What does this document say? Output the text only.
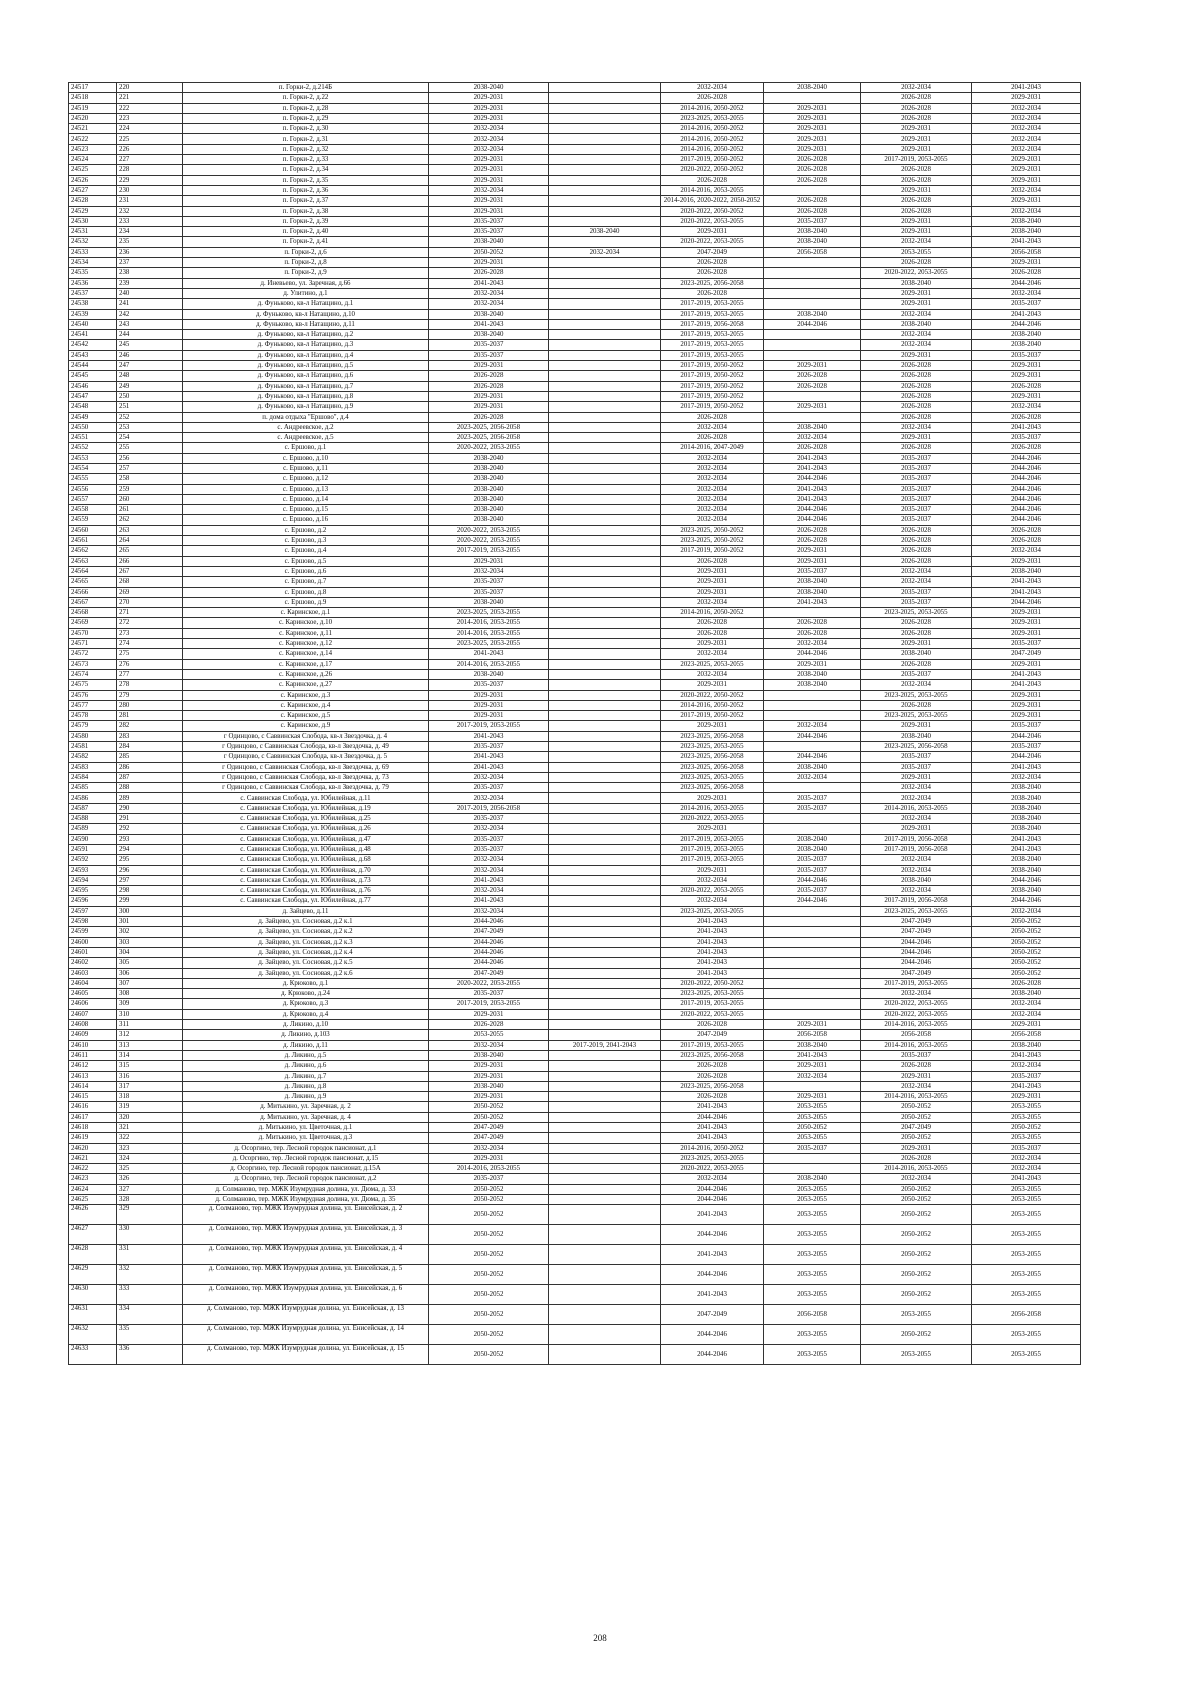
24517	220	п. Горки-2, д.214Б	2038-2040		2032-2034	2038-2040	2032-2034	2041-2043
24518	221	п. Горки-2, д.22	2029-2031		2026-2028		2026-2028	2029-2031
24519	222	п. Горки-2, д.28	2029-2031		2014-2016, 2050-2052	2029-2031	2026-2028	2032-2034
24520	223	п. Горки-2, д.29	2029-2031		2023-2025, 2053-2055	2029-2031	2026-2028	2032-2034
24521	224	п. Горки-2, д.30	2032-2034		2014-2016, 2050-2052	2029-2031	2029-2031	2032-2034
24522	225	п. Горки-2, д.31	2032-2034		2014-2016, 2050-2052	2029-2031	2029-2031	2032-2034
24523	226	п. Горки-2, д.32	2032-2034		2014-2016, 2050-2052	2029-2031	2029-2031	2032-2034
24524	227	п. Горки-2, д.33	2029-2031		2017-2019, 2050-2052	2026-2028	2017-2019, 2053-2055	2029-2031
24525	228	п. Горки-2, д.34	2029-2031		2020-2022, 2050-2052	2026-2028	2026-2028	2029-2031
24526	229	п. Горки-2, д.35	2029-2031		2026-2028	2026-2028	2026-2028	2029-2031
24527	230	п. Горки-2, д.36	2032-2034		2014-2016, 2053-2055		2029-2031	2032-2034
24528	231	п. Горки-2, д.37	2029-2031		2014-2016, 2020-2022, 2050-2052	2026-2028	2026-2028	2029-2031
24529	232	п. Горки-2, д.38	2029-2031		2020-2022, 2050-2052	2026-2028	2026-2028	2032-2034
24530	233	п. Горки-2, д.39	2035-2037		2020-2022, 2053-2055	2035-2037	2029-2031	2038-2040
24531	234	п. Горки-2, д.40	2035-2037	2038-2040	2029-2031	2038-2040	2029-2031	2038-2040
24532	235	п. Горки-2, д.41	2038-2040		2020-2022, 2053-2055	2038-2040	2032-2034	2041-2043
24533	236	п. Горки-2, д.6	2050-2052	2032-2034	2047-2049	2056-2058	2053-2055	2056-2058
24534	237	п. Горки-2, д.8	2029-2031		2026-2028		2026-2028	2029-2031
24535	238	п. Горки-2, д.9	2026-2028		2026-2028		2020-2022, 2053-2055	2026-2028
24536	239	д. Иневьево, ул. Заречная, д.66	2041-2043		2023-2025, 2056-2058		2038-2040	2044-2046
24537	240	д. Улитино, д.1	2032-2034		2026-2028		2029-2031	2032-2034
24538	241	д. Фуньково, кв-л Натащино, д.1	2032-2034		2017-2019, 2053-2055		2029-2031	2035-2037
24539	242	д. Фуньково, кв-л Натащино, д.10	2038-2040		2017-2019, 2053-2055	2038-2040	2032-2034	2041-2043
24540	243	д. Фуньково, кв-л Натащино, д.11	2041-2043		2017-2019, 2056-2058	2044-2046	2038-2040	2044-2046
24541	244	д. Фуньково, кв-л Натащино, д.2	2038-2040		2017-2019, 2053-2055		2032-2034	2038-2040
24542	245	д. Фуньково, кв-л Натащино, д.3	2035-2037		2017-2019, 2053-2055		2032-2034	2038-2040
24543	246	д. Фуньково, кв-л Натащино, д.4	2035-2037		2017-2019, 2053-2055		2029-2031	2035-2037
24544	247	д. Фуньково, кв-л Натащино, д.5	2029-2031		2017-2019, 2050-2052	2029-2031	2026-2028	2029-2031
24545	248	д. Фуньково, кв-л Натащино, д.6	2026-2028		2017-2019, 2050-2052	2026-2028	2026-2028	2029-2031
24546	249	д. Фуньково, кв-л Натащино, д.7	2026-2028		2017-2019, 2050-2052	2026-2028	2026-2028	2026-2028
24547	250	д. Фуньково, кв-л Натащино, д.8	2029-2031		2017-2019, 2050-2052		2026-2028	2029-2031
24548	251	д. Фуньково, кв-л Натащино, д.9	2029-2031		2017-2019, 2050-2052	2029-2031	2026-2028	2032-2034
24549	252	п. дома отдыха "Ершово", д.4	2026-2028		2026-2028		2026-2028	2026-2028
24550	253	с. Андреевское, д.2	2023-2025, 2056-2058		2032-2034	2038-2040	2032-2034	2041-2043
24551	254	с. Андреевское, д.5	2023-2025, 2056-2058		2026-2028	2032-2034	2029-2031	2035-2037
24552	255	с. Ершово, д.1	2020-2022, 2053-2055		2014-2016, 2047-2049	2026-2028	2026-2028	2026-2028
24553	256	с. Ершово, д.10	2038-2040		2032-2034	2041-2043	2035-2037	2044-2046
24554	257	с. Ершово, д.11	2038-2040		2032-2034	2041-2043	2035-2037	2044-2046
24555	258	с. Ершово, д.12	2038-2040		2032-2034	2044-2046	2035-2037	2044-2046
24556	259	с. Ершово, д.13	2038-2040		2032-2034	2041-2043	2035-2037	2044-2046
24557	260	с. Ершово, д.14	2038-2040		2032-2034	2041-2043	2035-2037	2044-2046
24558	261	с. Ершово, д.15	2038-2040		2032-2034	2044-2046	2035-2037	2044-2046
24559	262	с. Ершово, д.16	2038-2040		2032-2034	2044-2046	2035-2037	2044-2046
24560	263	с. Ершово, д.2	2020-2022, 2053-2055		2023-2025, 2050-2052	2026-2028	2026-2028	2026-2028
24561	264	с. Ершово, д.3	2020-2022, 2053-2055		2023-2025, 2050-2052	2026-2028	2026-2028	2026-2028
24562	265	с. Ершово, д.4	2017-2019, 2053-2055		2017-2019, 2050-2052	2029-2031	2026-2028	2032-2034
24563	266	с. Ершово, д.5	2029-2031		2026-2028	2029-2031	2026-2028	2029-2031
24564	267	с. Ершово, д.6	2032-2034		2029-2031	2035-2037	2032-2034	2038-2040
24565	268	с. Ершово, д.7	2035-2037		2029-2031	2038-2040	2032-2034	2041-2043
24566	269	с. Ершово, д.8	2035-2037		2029-2031	2038-2040	2035-2037	2041-2043
24567	270	с. Ершово, д.9	2038-2040		2032-2034	2041-2043	2035-2037	2044-2046
24568	271	с. Каринское, д.1	2023-2025, 2053-2055		2014-2016, 2050-2052		2023-2025, 2053-2055	2029-2031
24569	272	с. Каринское, д.10	2014-2016, 2053-2055		2026-2028	2026-2028	2026-2028	2029-2031
24570	273	с. Каринское, д.11	2014-2016, 2053-2055		2026-2028	2026-2028	2026-2028	2029-2031
24571	274	с. Каринское, д.12	2023-2025, 2053-2055		2029-2031	2032-2034	2029-2031	2035-2037
24572	275	с. Каринское, д.14	2041-2043		2032-2034	2044-2046	2038-2040	2047-2049
24573	276	с. Каринское, д.17	2014-2016, 2053-2055		2023-2025, 2053-2055	2029-2031	2026-2028	2029-2031
24574	277	с. Каринское, д.26	2038-2040		2032-2034	2038-2040	2035-2037	2041-2043
24575	278	с. Каринское, д.27	2035-2037		2029-2031	2038-2040	2032-2034	2041-2043
24576	279	с. Каринское, д.3	2029-2031		2020-2022, 2050-2052		2023-2025, 2053-2055	2029-2031
24577	280	с. Каринское, д.4	2029-2031		2014-2016, 2050-2052		2026-2028	2029-2031
24578	281	с. Каринское, д.5	2029-2031		2017-2019, 2050-2052		2023-2025, 2053-2055	2029-2031
24579	282	с. Каринское, д.9	2017-2019, 2053-2055		2029-2031	2032-2034	2029-2031	2035-2037
24580	283	г Одинцово, с Саввинская Слобода, кв-л Звездочка, д. 4	2041-2043		2023-2025, 2056-2058	2044-2046	2038-2040	2044-2046
24581	284	г Одинцово, с Саввинская Слобода, кв-л Звездочка, д. 49	2035-2037		2023-2025, 2053-2055		2023-2025, 2056-2058	2035-2037
24582	285	г Одинцово, с Саввинская Слобода, кв-л Звездочка, д. 5	2041-2043		2023-2025, 2056-2058	2044-2046	2035-2037	2044-2046
24583	286	г Одинцово, с Саввинская Слобода, кв-л Звездочка, д. 69	2041-2043		2023-2025, 2056-2058	2038-2040	2035-2037	2041-2043
24584	287	г Одинцово, с Саввинская Слобода, кв-л Звездочка, д. 73	2032-2034		2023-2025, 2053-2055	2032-2034	2029-2031	2032-2034
24585	288	г Одинцово, с Саввинская Слобода, кв-л Звездочка, д. 79	2035-2037		2023-2025, 2056-2058		2032-2034	2038-2040
24586	289	с. Саввинская Слобода, ул. Юбилейная, д.11	2032-2034		2029-2031	2035-2037	2032-2034	2038-2040
24587	290	с. Саввинская Слобода, ул. Юбилейная, д.19	2017-2019, 2056-2058		2014-2016, 2053-2055	2035-2037	2014-2016, 2053-2055	2038-2040
24588	291	с. Саввинская Слобода, ул. Юбилейная, д.25	2035-2037		2020-2022, 2053-2055		2032-2034	2038-2040
24589	292	с. Саввинская Слобода, ул. Юбилейная, д.26	2032-2034		2029-2031		2029-2031	2038-2040
24590	293	с. Саввинская Слобода, ул. Юбилейная, д.47	2035-2037		2017-2019, 2053-2055	2038-2040	2017-2019, 2056-2058	2041-2043
24591	294	с. Саввинская Слобода, ул. Юбилейная, д.48	2035-2037		2017-2019, 2053-2055	2038-2040	2017-2019, 2056-2058	2041-2043
24592	295	с. Саввинская Слобода, ул. Юбилейная, д.68	2032-2034		2017-2019, 2053-2055	2035-2037	2032-2034	2038-2040
24593	296	с. Саввинская Слобода, ул. Юбилейная, д.70	2032-2034		2029-2031	2035-2037	2032-2034	2038-2040
24594	297	с. Саввинская Слобода, ул. Юбилейная, д.73	2041-2043		2032-2034	2044-2046	2038-2040	2044-2046
24595	298	с. Саввинская Слобода, ул. Юбилейная, д.76	2032-2034		2020-2022, 2053-2055	2035-2037	2032-2034	2038-2040
24596	299	с. Саввинская Слобода, ул. Юбилейная, д.77	2041-2043		2032-2034	2044-2046	2017-2019, 2056-2058	2044-2046
24597	300	д. Зайцево, д.11	2032-2034		2023-2025, 2053-2055		2023-2025, 2053-2055	2032-2034
24598	301	д. Зайцево, ул. Сосновая, д.2 к.1	2044-2046		2041-2043		2047-2049	2050-2052
24599	302	д. Зайцево, ул. Сосновая, д.2 к.2	2047-2049		2041-2043		2047-2049	2050-2052
24600	303	д. Зайцево, ул. Сосновая, д.2 к.3	2044-2046		2041-2043		2044-2046	2050-2052
24601	304	д. Зайцево, ул. Сосновая, д.2 к.4	2044-2046		2041-2043		2044-2046	2050-2052
24602	305	д. Зайцево, ул. Сосновая, д.2 к.5	2044-2046		2041-2043		2044-2046	2050-2052
24603	306	д. Зайцево, ул. Сосновая, д.2 к.6	2047-2049		2041-2043		2047-2049	2050-2052
24604	307	д. Крюково, д.1	2020-2022, 2053-2055		2020-2022, 2050-2052		2017-2019, 2053-2055	2026-2028
24605	308	д. Крюково, д.24	2035-2037		2023-2025, 2053-2055		2032-2034	2038-2040
24606	309	д. Крюково, д.3	2017-2019, 2053-2055		2017-2019, 2053-2055		2020-2022, 2053-2055	2032-2034
24607	310	д. Крюково, д.4	2029-2031		2020-2022, 2053-2055		2020-2022, 2053-2055	2032-2034
24608	311	д. Ликино, д.10	2026-2028		2026-2028	2029-2031	2014-2016, 2053-2055	2029-2031
24609	312	д. Ликино, д.103	2053-2055		2047-2049	2056-2058	2056-2058	2056-2058
24610	313	д. Ликино, д.11	2032-2034	2017-2019, 2041-2043	2017-2019, 2053-2055	2038-2040	2014-2016, 2053-2055	2038-2040
24611	314	д. Ликино, д.5	2038-2040		2023-2025, 2056-2058	2041-2043	2035-2037	2041-2043
24612	315	д. Ликино, д.6	2029-2031		2026-2028	2029-2031	2026-2028	2032-2034
24613	316	д. Ликино, д.7	2029-2031		2026-2028	2032-2034	2029-2031	2035-2037
24614	317	д. Ликино, д.8	2038-2040		2023-2025, 2056-2058		2032-2034	2041-2043
24615	318	д. Ликино, д.9	2029-2031		2026-2028	2029-2031	2014-2016, 2053-2055	2029-2031
24616	319	д. Митькино, ул. Заречная, д. 2	2050-2052		2041-2043	2053-2055	2050-2052	2053-2055
24617	320	д. Митькино, ул. Заречная, д. 4	2050-2052		2044-2046	2053-2055	2050-2052	2053-2055
24618	321	д. Митькино, ул. Цветочная, д.1	2047-2049		2041-2043	2050-2052	2047-2049	2050-2052
24619	322	д. Митькино, ул. Цветочная, д.3	2047-2049		2041-2043	2053-2055	2050-2052	2053-2055
24620	323	д. Осоргино, тер. Лесной городок пансионат, д.1	2032-2034		2014-2016, 2050-2052	2035-2037	2029-2031	2035-2037
24621	324	д. Осоргино, тер. Лесной городок пансионат, д.15	2029-2031		2023-2025, 2053-2055		2026-2028	2032-2034
24622	325	д. Осоргино, тер. Лесной городок пансионат, д.15А	2014-2016, 2053-2055		2020-2022, 2053-2055		2014-2016, 2053-2055	2032-2034
24623	326	д. Осоргино, тер. Лесной городок пансионат, д.2	2035-2037		2032-2034	2038-2040	2032-2034	2041-2043
24624	327	д. Солманово, тер. МЖК Изумрудная долина, ул. Дюма, д. 33	2050-2052		2044-2046	2053-2055	2050-2052	2053-2055
24625	328	д. Солманово, тер. МЖК Изумрудная долина, ул. Дюма, д. 35	2050-2052		2044-2046	2053-2055	2050-2052	2053-2055
24626	329	д. Солманово, тер. МЖК Изумрудная долина, ул. Енисейская, д. 2	2050-2052		2041-2043	2053-2055	2050-2052	2053-2055
24627	330	д. Солманово, тер. МЖК Изумрудная долина, ул. Енисейская, д. 3	2050-2052		2044-2046	2053-2055	2050-2052	2053-2055
24628	331	д. Солманово, тер. МЖК Изумрудная долина, ул. Енисейская, д. 4	2050-2052		2041-2043	2053-2055	2050-2052	2053-2055
24629	332	д. Солманово, тер. МЖК Изумрудная долина, ул. Енисейская, д. 5	2050-2052		2044-2046	2053-2055	2050-2052	2053-2055
24630	333	д. Солманово, тер. МЖК Изумрудная долина, ул. Енисейская, д. 6	2050-2052		2041-2043	2053-2055	2050-2052	2053-2055
24631	334	д. Солманово, тер. МЖК Изумрудная долина, ул. Енисейская, д. 13	2050-2052		2047-2049	2056-2058	2053-2055	2056-2058
24632	335	д. Солманово, тер. МЖК Изумрудная долина, ул. Енисейская, д. 14	2050-2052		2044-2046	2053-2055	2050-2052	2053-2055
24633	336	д. Солманово, тер. МЖК Изумрудная долина, ул. Енисейская, д. 15	2050-2052		2044-2046	2053-2055	2053-2055	2053-2055
208
